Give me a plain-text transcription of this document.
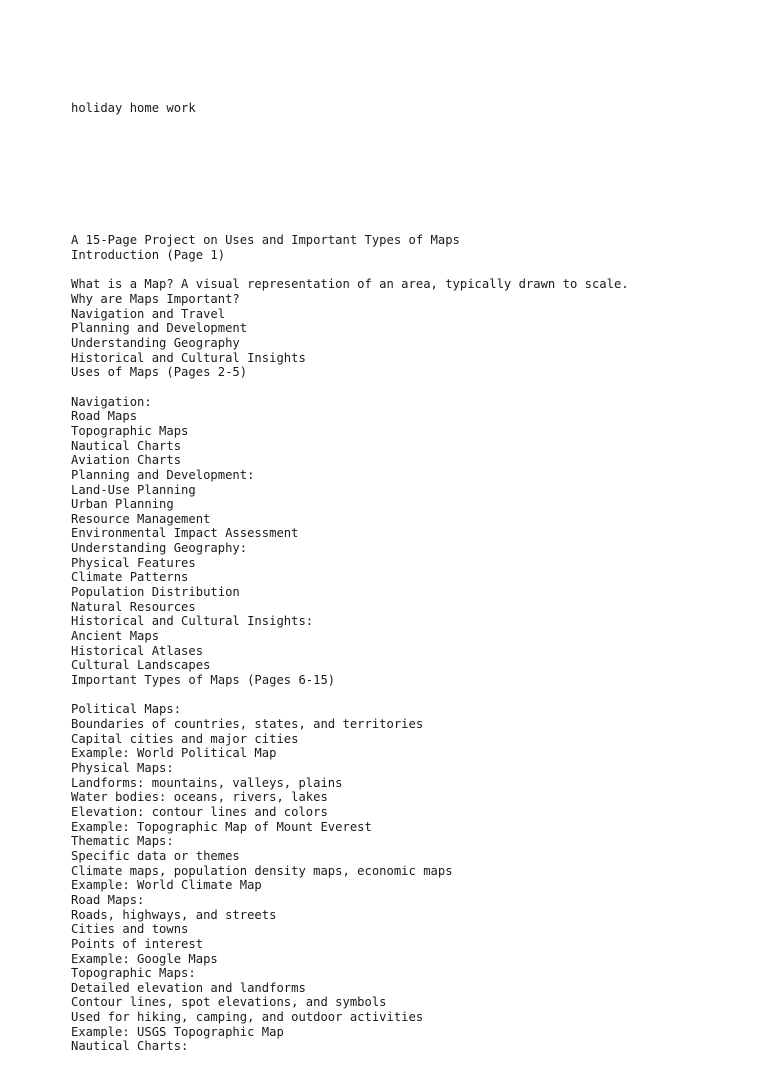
holiday home work

A 15-Page Project on Uses and Important Types of Maps
Introduction (Page 1)
What is a Map? A visual representation of an area, typically drawn to scale.
Why are Maps Important?
Navigation and Travel
Planning and Development
Understanding Geography
Historical and Cultural Insights
Uses of Maps (Pages 2-5)
Navigation:
Road Maps
Topographic Maps
Nautical Charts
Aviation Charts
Planning and Development:
Land-Use Planning
Urban Planning
Resource Management
Environmental Impact Assessment
Understanding Geography:
Physical Features
Climate Patterns
Population Distribution
Natural Resources
Historical and Cultural Insights:
Ancient Maps
Historical Atlases
Cultural Landscapes
Important Types of Maps (Pages 6-15)
Political Maps:
Boundaries of countries, states, and territories
Capital cities and major cities
Example: World Political Map
Physical Maps:
Landforms: mountains, valleys, plains
Water bodies: oceans, rivers, lakes
Elevation: contour lines and colors
Example: Topographic Map of Mount Everest
Thematic Maps:
Specific data or themes
Climate maps, population density maps, economic maps
Example: World Climate Map
Road Maps:
Roads, highways, and streets
Cities and towns
Points of interest
Example: Google Maps
Topographic Maps:
Detailed elevation and landforms
Contour lines, spot elevations, and symbols
Used for hiking, camping, and outdoor activities
Example: USGS Topographic Map
Nautical Charts:
